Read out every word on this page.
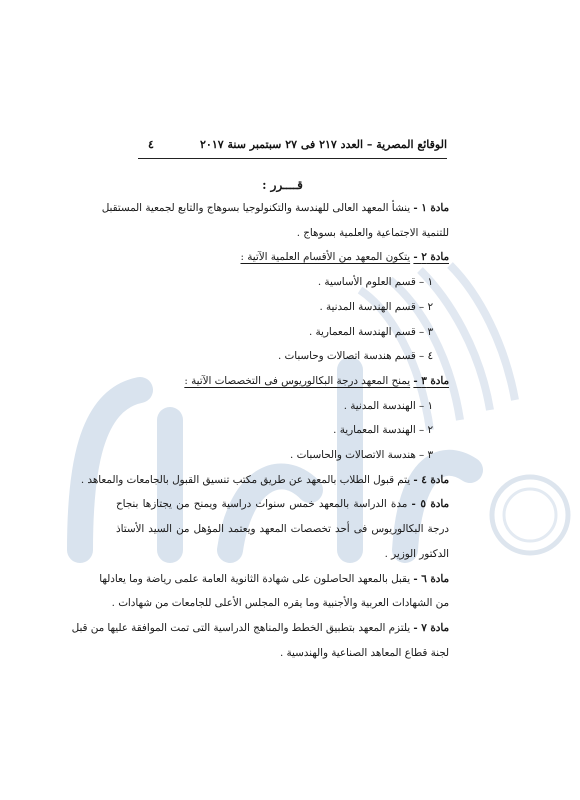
الوقائع المصرية – العدد ٢١٧ فى ٢٧ سبتمبر سنة ٢٠١٧
٤
قــــرر :
مادة ١ - ينشأ المعهد العالى للهندسة والتكنولوجيا بسوهاج والتابع لجمعية المستقبل
للتنمية الاجتماعية والعلمية بسوهاج .
مادة ٢ - يتكون المعهد من الأقسام العلمية الآتية :
١ – قسم العلوم الأساسية .
٢ – قسم الهندسة المدنية .
٣ – قسم الهندسة المعمارية .
٤ – قسم هندسة اتصالات وحاسبات .
مادة ٣ - يمنح المعهد درجة البكالوريوس فى التخصصات الآتية :
١ – الهندسة المدنية .
٢ – الهندسة المعمارية .
٣ – هندسة الاتصالات والحاسبات .
مادة ٤ - يتم قبول الطلاب بالمعهد عن طريق مكتب تنسيق القبول بالجامعات والمعاهد .
مادة ٥ - مدة الدراسة بالمعهد خمس سنوات دراسية ويمنح من يجتازها بنجاح
درجة البكالوريوس فى أحد تخصصات المعهد ويعتمد المؤهل من السيد الأستاذ
الدكتور الوزير .
مادة ٦ - يقبل بالمعهد الحاصلون على شهادة الثانوية العامة علمى رياضة وما يعادلها
من الشهادات العربية والأجنبية وما يقره المجلس الأعلى للجامعات من شهادات .
مادة ٧ - يلتزم المعهد بتطبيق الخطط والمناهج الدراسية التى تمت الموافقة عليها من قبل
لجنة قطاع المعاهد الصناعية والهندسية .
